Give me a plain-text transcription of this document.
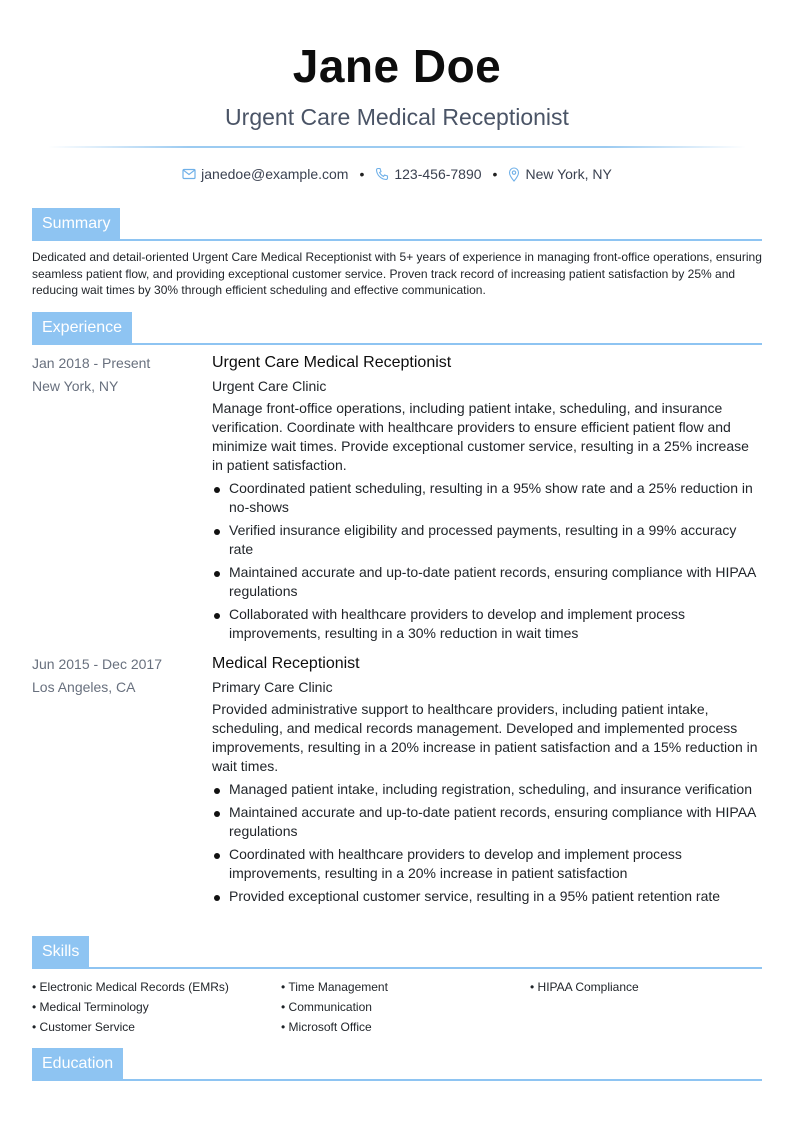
Jane Doe
Urgent Care Medical Receptionist
janedoe@example.com • 123-456-7890 • New York, NY
Summary
Dedicated and detail-oriented Urgent Care Medical Receptionist with 5+ years of experience in managing front-office operations, ensuring seamless patient flow, and providing exceptional customer service. Proven track record of increasing patient satisfaction by 25% and reducing wait times by 30% through efficient scheduling and effective communication.
Experience
Jan 2018 - Present
New York, NY
Urgent Care Medical Receptionist
Urgent Care Clinic
Manage front-office operations, including patient intake, scheduling, and insurance verification. Coordinate with healthcare providers to ensure efficient patient flow and minimize wait times. Provide exceptional customer service, resulting in a 25% increase in patient satisfaction.
Coordinated patient scheduling, resulting in a 95% show rate and a 25% reduction in no-shows
Verified insurance eligibility and processed payments, resulting in a 99% accuracy rate
Maintained accurate and up-to-date patient records, ensuring compliance with HIPAA regulations
Collaborated with healthcare providers to develop and implement process improvements, resulting in a 30% reduction in wait times
Jun 2015 - Dec 2017
Los Angeles, CA
Medical Receptionist
Primary Care Clinic
Provided administrative support to healthcare providers, including patient intake, scheduling, and medical records management. Developed and implemented process improvements, resulting in a 20% increase in patient satisfaction and a 15% reduction in wait times.
Managed patient intake, including registration, scheduling, and insurance verification
Maintained accurate and up-to-date patient records, ensuring compliance with HIPAA regulations
Coordinated with healthcare providers to develop and implement process improvements, resulting in a 20% increase in patient satisfaction
Provided exceptional customer service, resulting in a 95% patient retention rate
Skills
• Electronic Medical Records (EMRs)	• Time Management	• HIPAA Compliance
• Medical Terminology	• Communication
• Customer Service	• Microsoft Office
Education
